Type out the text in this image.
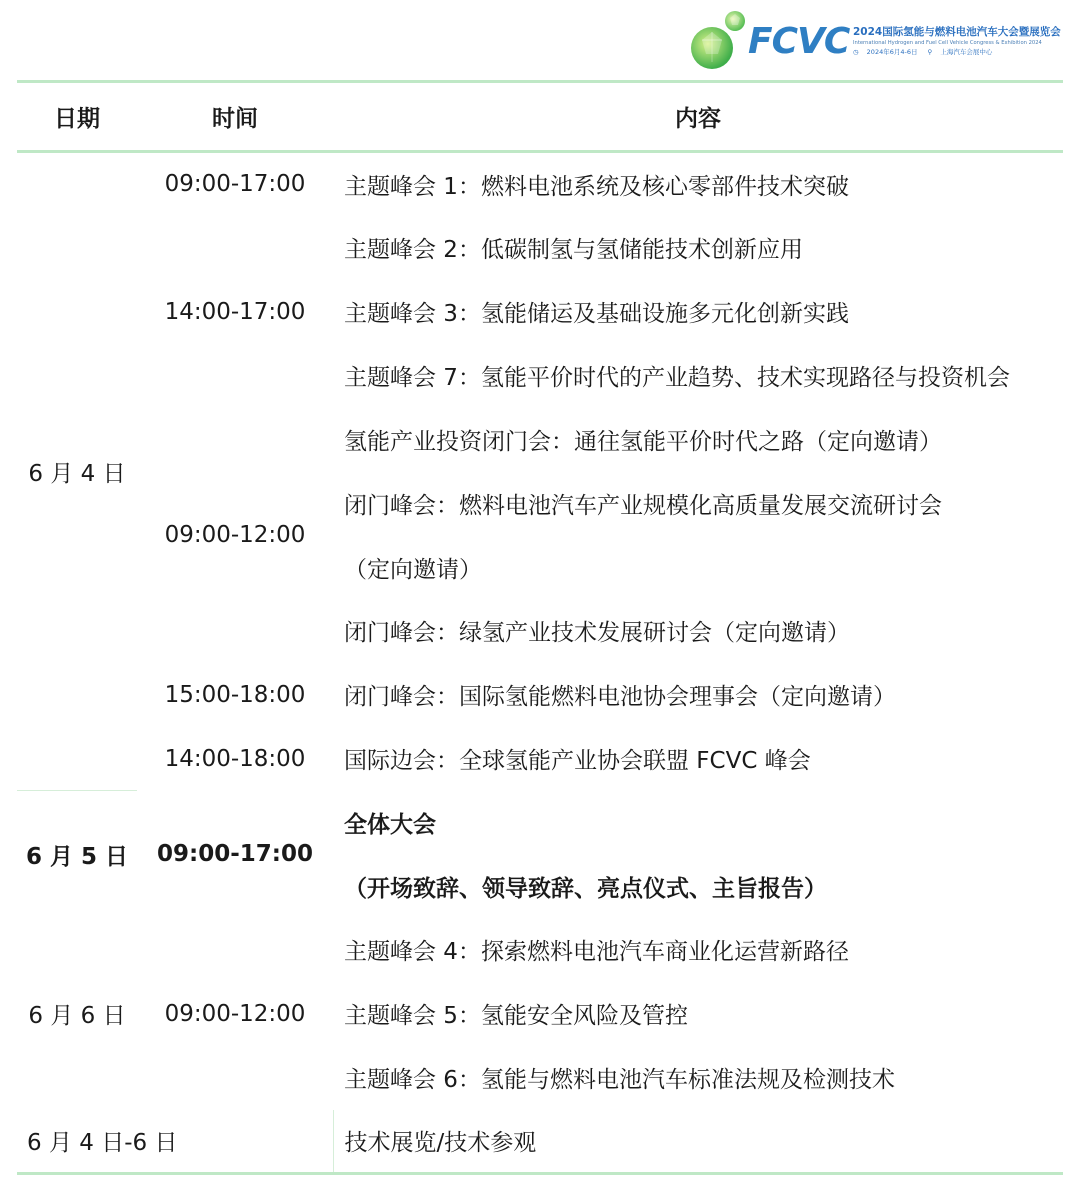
FCVC 2024国际氢能与燃料电池汽车大会暨展览会
International Hydrogen and Fuel Cell Vehicle Congress & Exhibition 2024
◷ 2024年6月4-6日 ⚲ 上海汽车会展中心
日期	时间	内容
6 月 4 日	09:00-17:00	主题峰会 1：燃料电池系统及核心零部件技术突破
	14:00-17:00	主题峰会 2：低碳制氢与氢储能技术创新应用
		主题峰会 3：氢能储运及基础设施多元化创新实践
		主题峰会 7：氢能平价时代的产业趋势、技术实现路径与投资机会
	09:00-12:00	氢能产业投资闭门会：通往氢能平价时代之路（定向邀请）
		闭门峰会：燃料电池汽车产业规模化高质量发展交流研讨会
		（定向邀请）
		闭门峰会：绿氢产业技术发展研讨会（定向邀请）
	15:00-18:00	闭门峰会：国际氢能燃料电池协会理事会（定向邀请）
	14:00-18:00	国际边会：全球氢能产业协会联盟 FCVC 峰会
6 月 5 日	09:00-17:00	全体大会
		（开场致辞、领导致辞、亮点仪式、主旨报告）
6 月 6 日	09:00-12:00	主题峰会 4：探索燃料电池汽车商业化运营新路径
		主题峰会 5：氢能安全风险及管控
		主题峰会 6：氢能与燃料电池汽车标准法规及检测技术
6 月 4 日-6 日		技术展览/技术参观
